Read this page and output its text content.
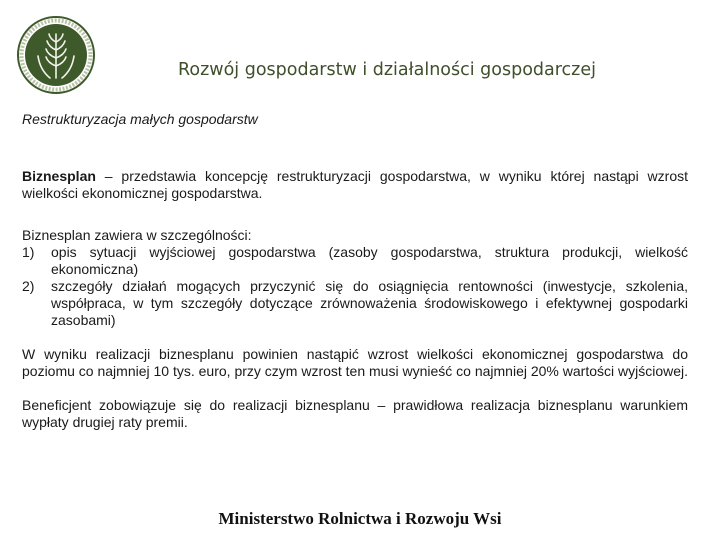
Rozwój gospodarstw i działalności gospodarczej
Restrukturyzacja małych gospodarstw

Biznesplan – przedstawia koncepcję restrukturyzacji gospodarstwa, w wyniku której nastąpi wzrost wielkości ekonomicznej gospodarstwa.

Biznesplan zawiera w szczególności:

1) opis sytuacji wyjściowej gospodarstwa (zasoby gospodarstwa, struktura produkcji, wielkość ekonomiczna)
2) szczegóły działań mogących przyczynić się do osiągnięcia rentowności (inwestycje, szkolenia, współpraca, w tym szczegóły dotyczące zrównoważenia środowiskowego i efektywnej gospodarki zasobami)

W wyniku realizacji biznesplanu powinien nastąpić wzrost wielkości ekonomicznej gospodarstwa do poziomu co najmniej 10 tys. euro, przy czym wzrost ten musi wynieść co najmniej 20% wartości wyjściowej.

Beneficjent zobowiązuje się do realizacji biznesplanu – prawidłowa realizacja biznesplanu warunkiem wypłaty drugiej raty premii.

Ministerstwo Rolnictwa i Rozwoju Wsi
